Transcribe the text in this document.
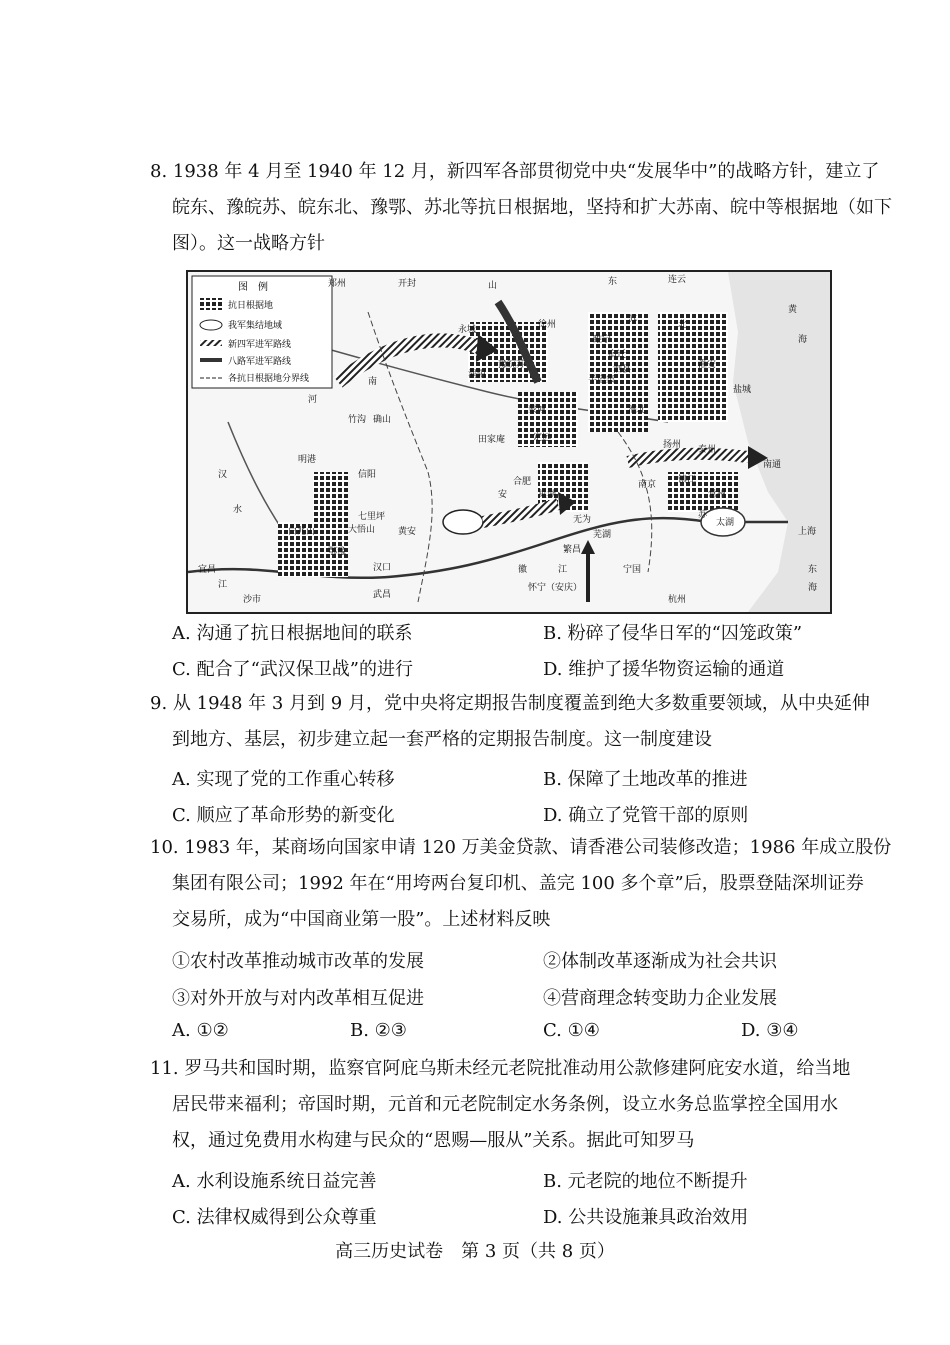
8. 1938 年 4 月至 1940 年 12 月，新四军各部贯彻党中央“发展华中”的战略方针，建立了
皖东、豫皖苏、皖东北、豫鄂、苏北等抗日根据地，坚持和扩大苏南、皖中等根据地（如下
图）。这一战略方针
图　例
抗日根据地
我军集结地域
新四军进军路线
八路军进军路线
各抗日根据地分界线
郑州	开封	山	东	连云
黄
海
南
河
竹沟 确山
信阳
明港
汉
水
七里坪
大悟山	黄安
白兆山
鄂豫
汉口
武昌
宜昌
沙市
江
安
徽
合肥
巢湖
无为
芜湖
繁昌
宁国
怀宁（安庆）
江
南京 镇江
常州
苏
太湖
上海
杭州
东
海
苏	北
淮安
盐城
扬州 泰州
南通
半塔集
永城	徐州
田家庵	定远
泗县
涡阳
睢宁
宿迁
淮北
豫皖苏
蒙城
A. 沟通了抗日根据地间的联系	B. 粉碎了侵华日军的“囚笼政策”
C. 配合了“武汉保卫战”的进行	D. 维护了援华物资运输的通道
9. 从 1948 年 3 月到 9 月，党中央将定期报告制度覆盖到绝大多数重要领域，从中央延伸
到地方、基层，初步建立起一套严格的定期报告制度。这一制度建设
A. 实现了党的工作重心转移	B. 保障了土地改革的推进
C. 顺应了革命形势的新变化	D. 确立了党管干部的原则
10. 1983 年，某商场向国家申请 120 万美金贷款、请香港公司装修改造；1986 年成立股份
集团有限公司；1992 年在“用垮两台复印机、盖完 100 多个章”后，股票登陆深圳证券
交易所，成为“中国商业第一股”。上述材料反映
①农村改革推动城市改革的发展	②体制改革逐渐成为社会共识
③对外开放与对内改革相互促进	④营商理念转变助力企业发展
A. ①②	B. ②③	C. ①④	D. ③④
11. 罗马共和国时期，监察官阿庇乌斯未经元老院批准动用公款修建阿庇安水道，给当地
居民带来福利；帝国时期，元首和元老院制定水务条例，设立水务总监掌控全国用水
权，通过免费用水构建与民众的“恩赐—服从”关系。据此可知罗马
A. 水利设施系统日益完善	B. 元老院的地位不断提升
C. 法律权威得到公众尊重	D. 公共设施兼具政治效用
高三历史试卷　第 3 页（共 8 页）
